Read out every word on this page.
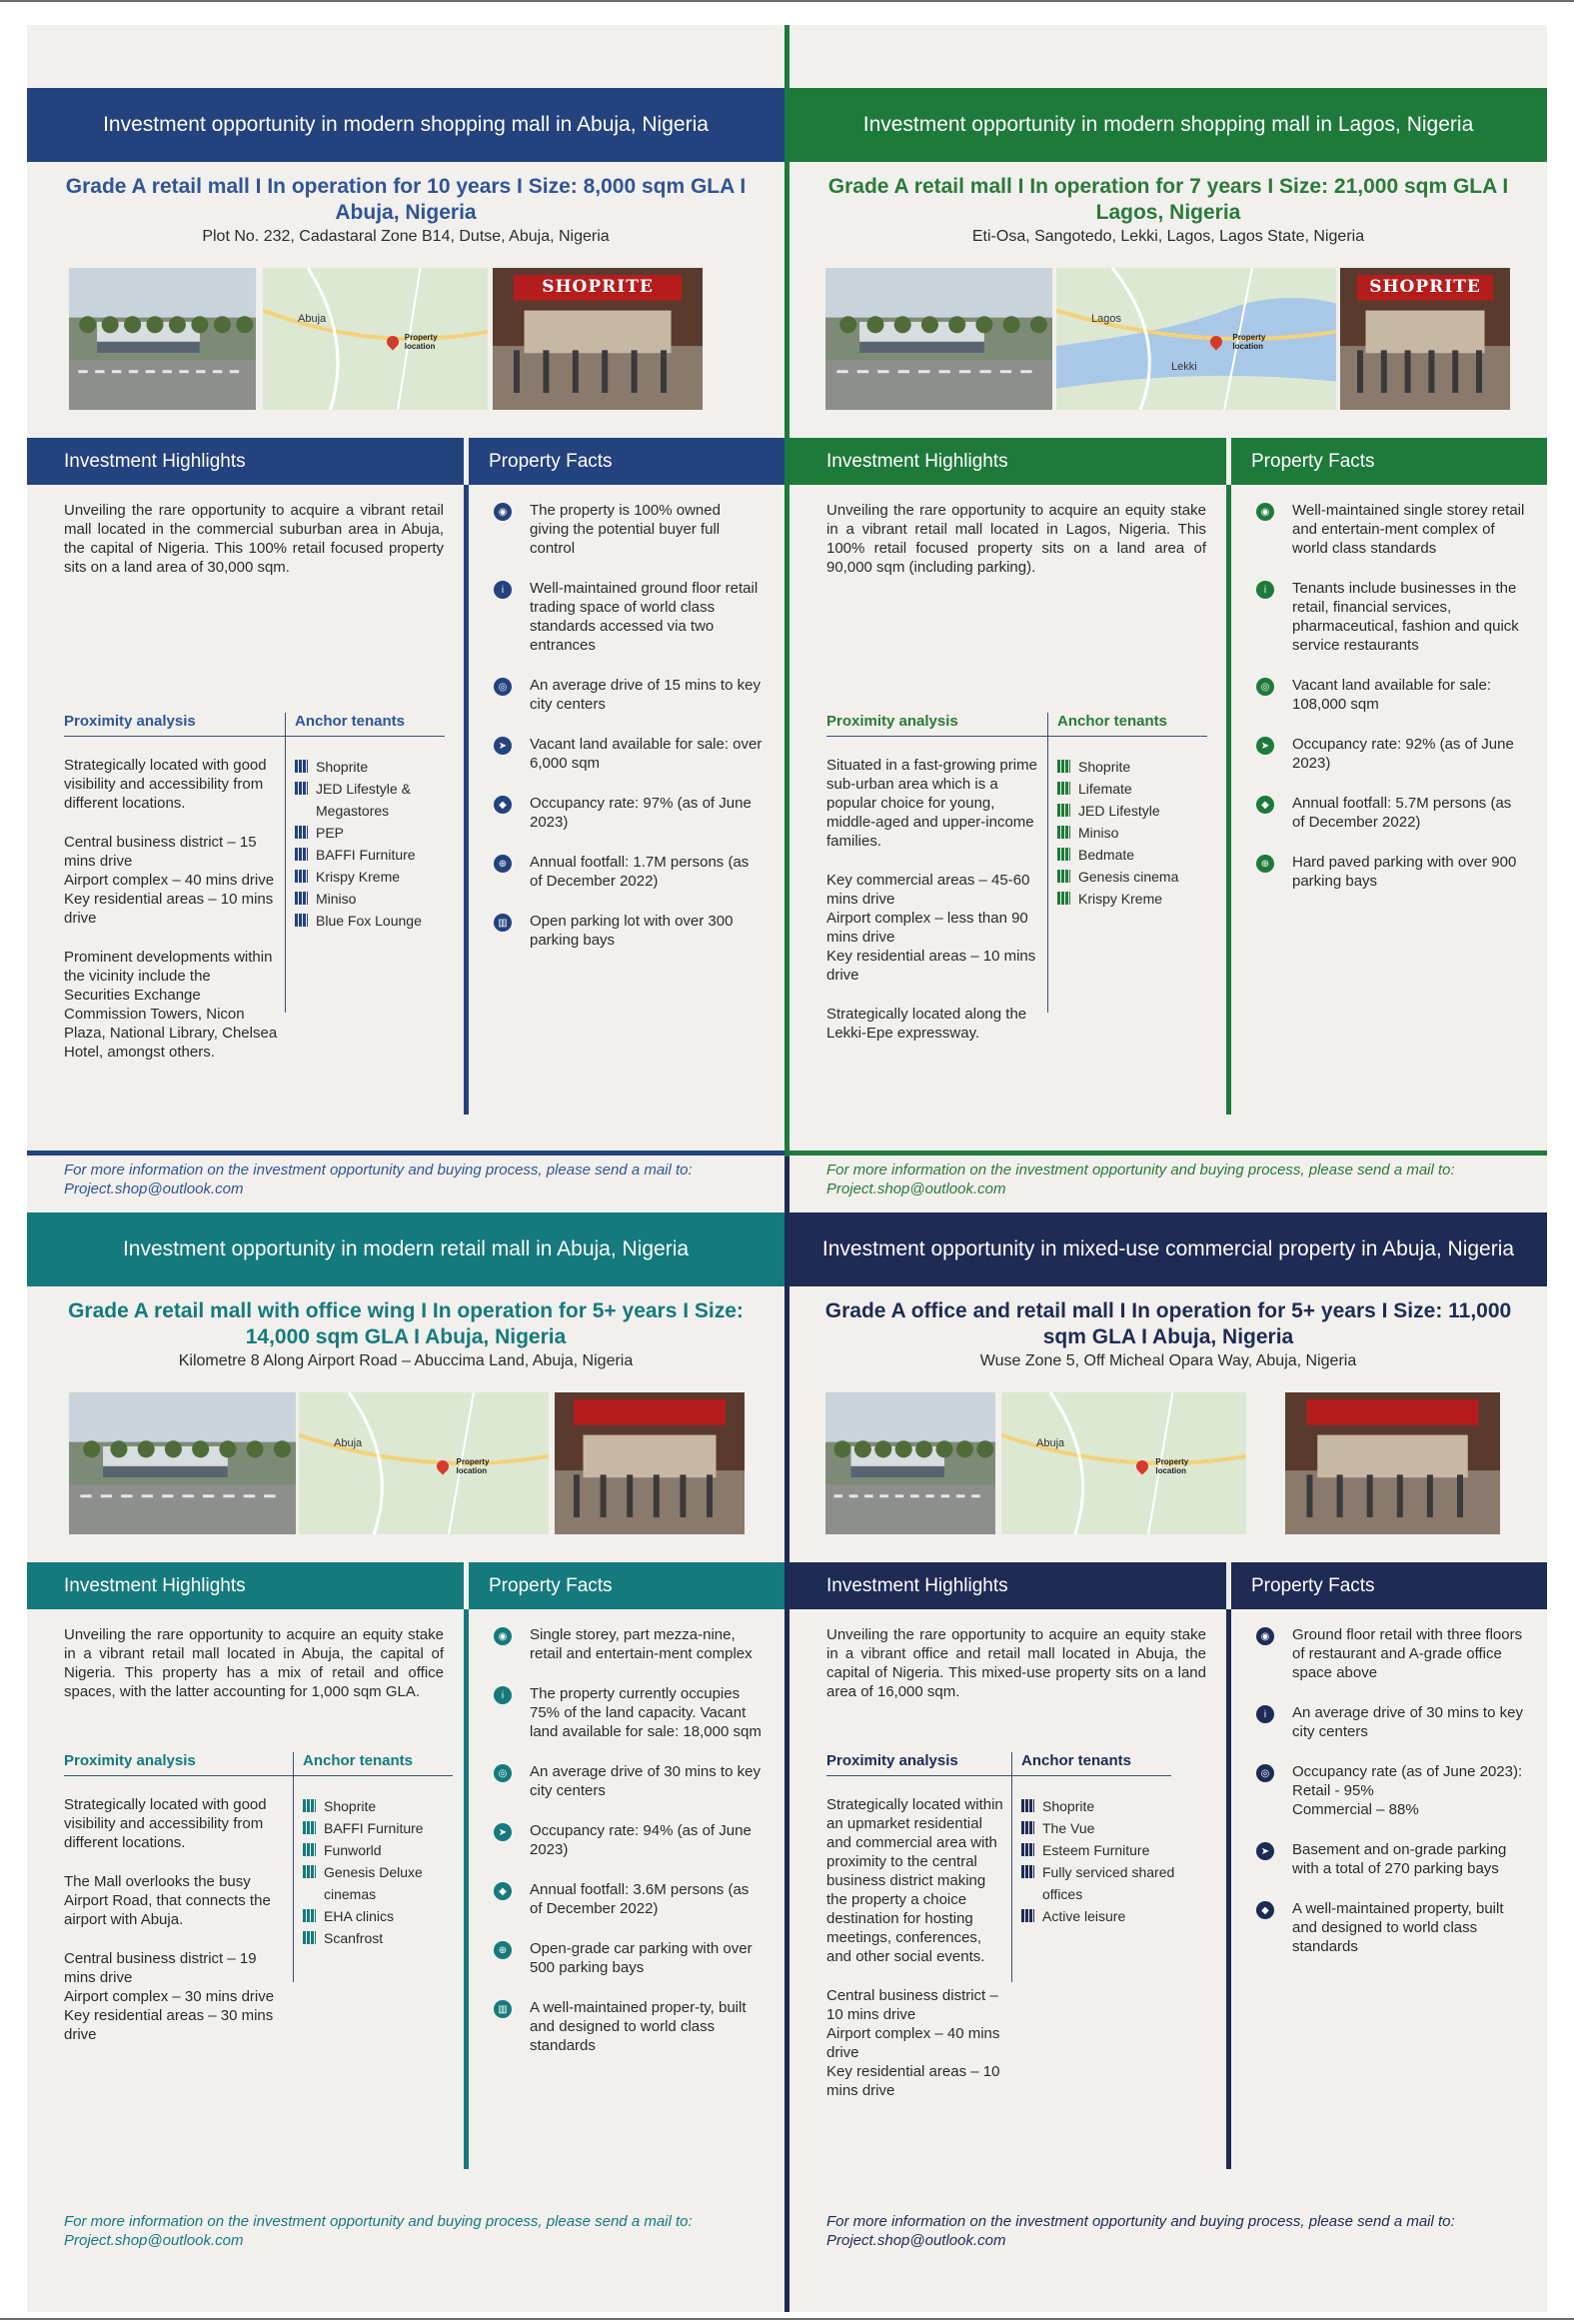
Investment opportunity in modern shopping mall in Abuja, Nigeria
Grade A retail mall I In operation for 10 years I Size: 8,000 sqm GLA I Abuja, Nigeria
Plot No. 232, Cadastaral Zone B14, Dutse, Abuja, Nigeria
Abuja
Property location
SHOPRITE
Investment Highlights	Property Facts
Unveiling the rare opportunity to acquire a vibrant retail mall located in the commercial suburban area in Abuja, the capital of Nigeria. This 100% retail focused property sits on a land area of 30,000 sqm.
Proximity analysis	Anchor tenants

Strategically located with good visibility and accessibility from different locations.

Central business district – 15 mins drive
Airport complex – 40 mins drive
Key residential areas – 10 mins drive

Prominent developments within the vicinity include the Securities Exchange Commission Towers, Nicon Plaza, National Library, Chelsea Hotel, amongst others.

Shoprite
JED Lifestyle & Megastores
PEP
BAFFI Furniture
Krispy Kreme
Miniso
Blue Fox Lounge
◉	The property is 100% owned giving the potential buyer full control
i	Well-maintained ground floor retail trading space of world class standards accessed via two entrances
◎	An average drive of 15 mins to key city centers
➤	Vacant land available for sale: over 6,000 sqm
◆	Occupancy rate: 97% (as of June 2023)
⊕	Annual footfall: 1.7M persons (as of December 2022)
▥ Open parking lot with over 300 parking bays
For more information on the investment opportunity and buying process, please send a mail to:
Project.shop@outlook.com
Investment opportunity in modern shopping mall in Lagos, Nigeria
Grade A retail mall I In operation for 7 years I Size: 21,000 sqm GLA I Lagos, Nigeria
Eti-Osa, Sangotedo, Lekki, Lagos, Lagos State, Nigeria
Lagos
Lekki
Property location
SHOPRITE
Investment Highlights	Property Facts
Unveiling the rare opportunity to acquire an equity stake in a vibrant retail mall located in Lagos, Nigeria. This 100% retail focused property sits on a land area of 90,000 sqm (including parking).
Proximity analysis	Anchor tenants

Situated in a fast-growing prime sub-urban area which is a popular choice for young, middle-aged and upper-income families.

Key commercial areas – 45-60 mins drive
Airport complex – less than 90 mins drive
Key residential areas – 10 mins drive

Strategically located along the Lekki-Epe expressway.

Shoprite
Lifemate
JED Lifestyle
Miniso
Bedmate
Genesis cinema
Krispy Kreme
◉	Well-maintained single storey retail and entertain-ment complex of world class standards
i	Tenants include businesses in the retail, financial services, pharmaceutical, fashion and quick service restaurants
◎	Vacant land available for sale: 108,000 sqm
➤	Occupancy rate: 92% (as of June 2023)
◆	Annual footfall: 5.7M persons (as of December 2022)
⊕	Hard paved parking with over 900 parking bays
For more information on the investment opportunity and buying process, please send a mail to:
Project.shop@outlook.com
Investment opportunity in modern retail mall in Abuja, Nigeria
Grade A retail mall with office wing I In operation for 5+ years I Size: 14,000 sqm GLA I Abuja, Nigeria
Kilometre 8 Along Airport Road – Abuccima Land, Abuja, Nigeria
Abuja
Property location
Investment Highlights	Property Facts
Unveiling the rare opportunity to acquire an equity stake in a vibrant retail mall located in Abuja, the capital of Nigeria. This property has a mix of retail and office spaces, with the latter accounting for 1,000 sqm GLA.
Proximity analysis	Anchor tenants

Strategically located with good visibility and accessibility from different locations.

The Mall overlooks the busy Airport Road, that connects the airport with Abuja.

Central business district – 19 mins drive
Airport complex – 30 mins drive
Key residential areas – 30 mins drive

Shoprite
BAFFI Furniture
Funworld
Genesis Deluxe cinemas
EHA clinics
Scanfrost
◉	Single storey, part mezza-nine, retail and entertain-ment complex
i	The property currently occupies 75% of the land capacity. Vacant land available for sale: 18,000 sqm
◎	An average drive of 30 mins to key city centers
➤	Occupancy rate: 94% (as of June 2023)
◆	Annual footfall: 3.6M persons (as of December 2022)
⊕	Open-grade car parking with over 500 parking bays
▥ A well-maintained proper-ty, built and designed to world class standards
For more information on the investment opportunity and buying process, please send a mail to:
Project.shop@outlook.com
Investment opportunity in mixed-use commercial property in Abuja, Nigeria
Grade A office and retail mall I In operation for 5+ years I Size: 11,000 sqm GLA I Abuja, Nigeria
Wuse Zone 5, Off Micheal Opara Way, Abuja, Nigeria
Abuja
Property location
Investment Highlights	Property Facts
Unveiling the rare opportunity to acquire an equity stake in a vibrant office and retail mall located in Abuja, the capital of Nigeria. This mixed-use property sits on a land area of 16,000 sqm.
Proximity analysis	Anchor tenants

Strategically located within an upmarket residential and commercial area with proximity to the central business district making the property a choice destination for hosting meetings, conferences, and other social events.

Central business district – 10 mins drive
Airport complex – 40 mins drive
Key residential areas – 10 mins drive

Shoprite
The Vue
Esteem Furniture
Fully serviced shared offices
Active leisure
◉	Ground floor retail with three floors of restaurant and A-grade office space above
i	An average drive of 30 mins to key city centers
◎	Occupancy rate (as of June 2023):
Retail - 95%
Commercial – 88%
➤	Basement and on-grade parking with a total of 270 parking bays
◆	A well-maintained property, built and designed to world class standards
For more information on the investment opportunity and buying process, please send a mail to:
Project.shop@outlook.com
